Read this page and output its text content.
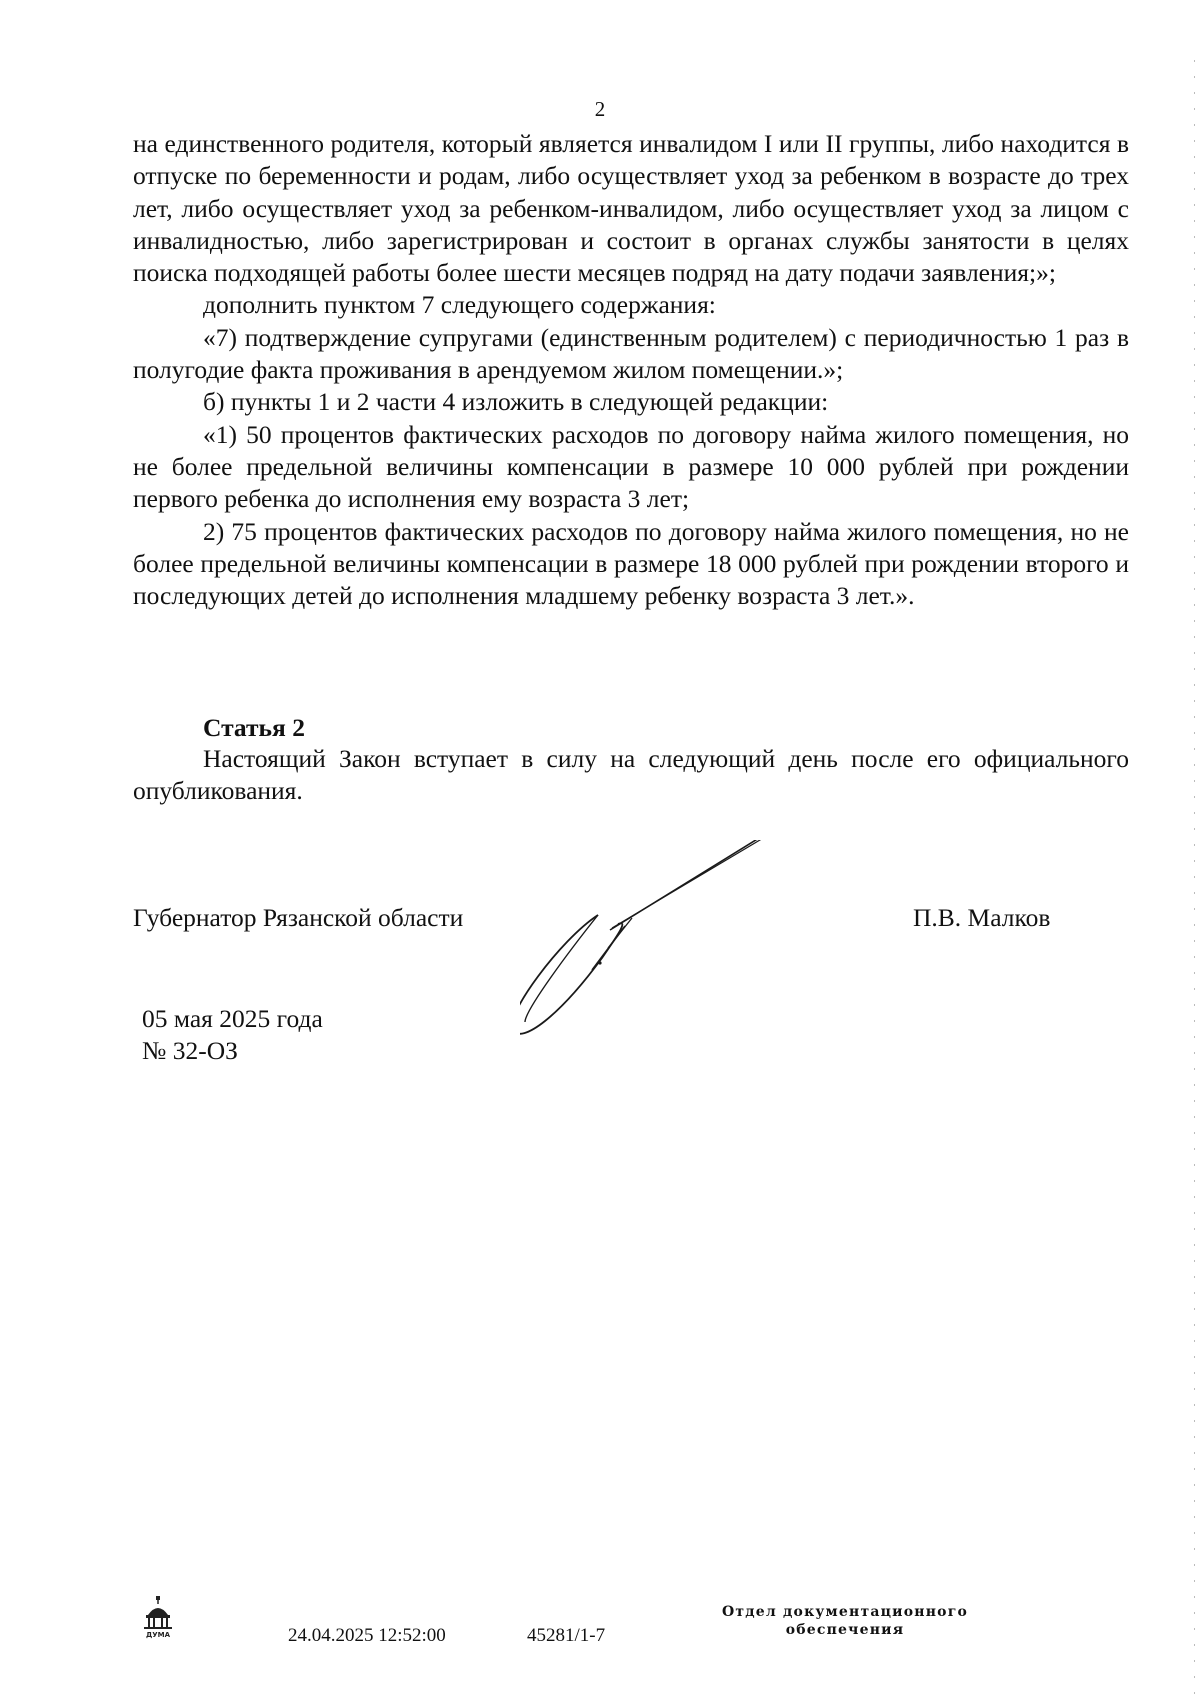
2

на единственного родителя, который является инвалидом I или II группы, либо находится в отпуске по беременности и родам, либо осуществляет уход за ребенком в возрасте до трех лет, либо осуществляет уход за ребенком-инвалидом, либо осуществляет уход за лицом с инвалидностью, либо зарегистрирован и состоит в органах службы занятости в целях поиска подходящей работы более шести месяцев подряд на дату подачи заявления;»;

дополнить пунктом 7 следующего содержания:

«7) подтверждение супругами (единственным родителем) с периодичностью 1 раз в полугодие факта проживания в арендуемом жилом помещении.»;

б) пункты 1 и 2 части 4 изложить в следующей редакции:

«1) 50 процентов фактических расходов по договору найма жилого помещения, но не более предельной величины компенсации в размере 10 000 рублей при рождении первого ребенка до исполнения ему возраста 3 лет;

2) 75 процентов фактических расходов по договору найма жилого помещения, но не более предельной величины компенсации в размере 18 000 рублей при рождении второго и последующих детей до исполнения младшему ребенку возраста 3 лет.».

Статья 2

Настоящий Закон вступает в силу на следующий день после его официального опубликования.

Губернатор Рязанской области	П.В. Малков
05 мая 2025 года
№ 32-ОЗ
ДУМА	24.04.2025 12:52:00	45281/1-7
Отдел документационного
обеспечения
